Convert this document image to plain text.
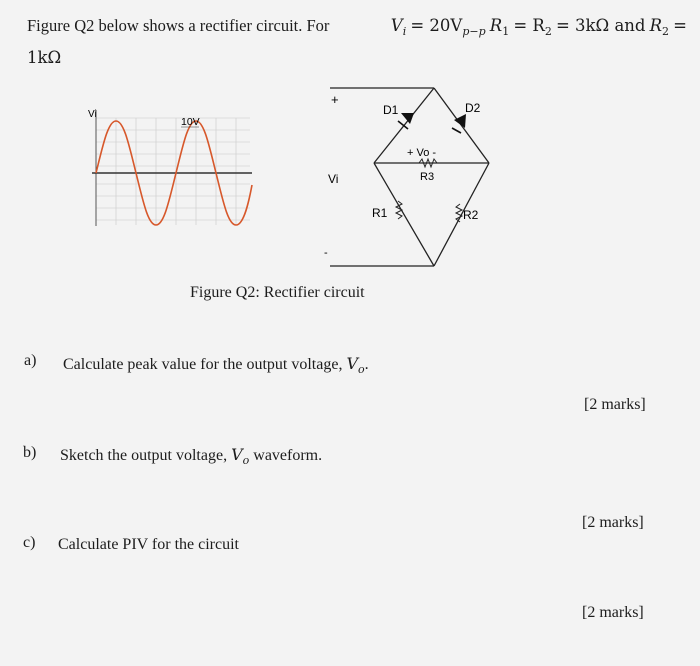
Figure Q2 below shows a rectifier circuit. For	$V_i = 20V_{p-p}$ $R_1 = R_2 = 3k\Omega$ and $R_2$ =
1kΩ
Vi
10V
+
-
Vi
D1	D2
+ Vo -
R3
R1	R2
Figure Q2: Rectifier circuit
a) Calculate peak value for the output voltage, $V_o$.
[2 marks]
b) Sketch the output voltage, $V_o$ waveform.
[2 marks]
c) Calculate PIV for the circuit
[2 marks]
